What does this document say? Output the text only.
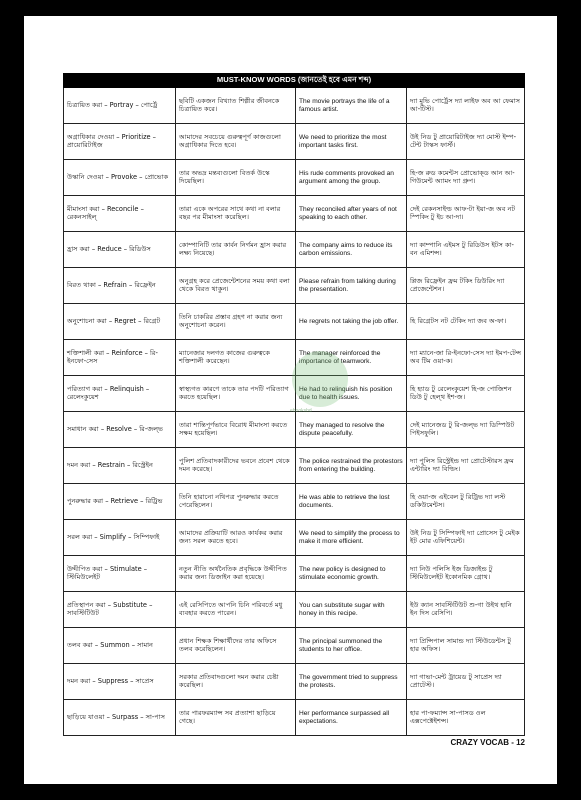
MUST-KNOW WORDS (জানতেই হবে এমন শব্দ)			
চিত্রায়িত করা – Portray – পোর্ট্রে	ছবিটি একজন বিখ্যাত শিল্পীর জীবনকে চিত্রায়িত করে।	The movie portrays the life of a famous artist.	দ্যা মুভি পোর্ট্রেস দ্যা লাইফ অব আ ফেমাস আ-টিস্ট।
অগ্রাধিকার দেওয়া – Prioritize – প্রায়োরিটাইজ	আমাদের সবচেয়ে গুরুত্বপূর্ণ কাজগুলো অগ্রাধিকার দিতে হবে।	We need to prioritize the most important tasks first.	উই নিড টু প্রায়োরিটাইজ দ্যা মোস্ট ইম্প-টেন্ট টাস্কস ফার্স্ট।
উস্কানি দেওয়া – Provoke – প্রোভোক	তার অভদ্র মন্তব্যগুলো বিতর্ক উস্কে দিয়েছিল।	His rude comments provoked an argument among the group.	হি-জ রুড কমেন্টস প্রোভোক্ড আন আ-গিউমেন্ট অ্যামং দ্যা গ্রুপ।
মীমাংসা করা – Reconcile – রেকনসাইল্	তারা একে অপরের সাথে কথা না বলার বছর পর মীমাংসা করেছিল।	They reconciled after years of not speaking to each other.	দেই রেকনসাইল্ড আফ-টা ইয়া-জ অব নট স্পিকিং টু ইচ আ-দা।
হ্রাস করা – Reduce – রিডিউস	কোম্পানিটি তার কার্বন নির্গমন হ্রাস করার লক্ষ্য নিয়েছে।	The company aims to reduce its carbon emissions.	দ্যা কাম্পানি এইমস টু রিডিউস ইটস কা-বন এমিশন্স।
বিরত থাকা – Refrain – রিফ্রেইন	অনুগ্রহ করে প্রেজেন্টেশনের সময় কথা বলা থেকে বিরত থাকুন।	Please refrain from talking during the presentation.	প্লিজ রিফ্রেইন ফ্রম টকিং ডিউরিং দ্যা প্রেজেন্টেশন।
অনুশোচনা করা – Regret – রিগ্রেট	তিনি চাকরির প্রস্তাব গ্রহণ না করার জন্য অনুশোচনা করেন।	He regrets not taking the job offer.	হি রিগ্রেটস নট টেকিং দ্যা জব অ-ফা।
শক্তিশালী করা – Reinforce – রি-ইনফো-সেস	ম্যানেজার দলগত কাজের গুরুত্বকে শক্তিশালী করেছেন।	The manager reinforced the importance of teamwork.	দ্যা ম্যানে-জা রি-ইনফো-সেস দ্যা ইমপ-টেন্স অব টিম ওয়া-ক।
পরিত্যাগ করা – Relinquish – রেলেংকুয়েশ	স্বাস্থ্যগত কারণে তাকে তার পদটি পরিত্যাগ করতে হয়েছিল।	He had to relinquish his position due to health issues.	হি হ্যাড টু রেলেংকুয়েশ হি-জ পোজিশন ডিউ টু হেল্থ ইশ-জ।
সমাধান করা – Resolve – রি-জল্ভ	তারা শান্তিপূর্ণভাবে বিরোধ মীমাংসা করতে সক্ষম হয়েছিল।	They managed to resolve the dispute peacefully.	দেই ম্যানেজড টু রি-জল্ভ দ্যা ডিস্পিউট পিইসফুলি।
দমন করা – Restrain – রিস্ট্রেইন	পুলিশ প্রতিবাদকারীদের ভবনে প্রবেশ থেকে দমন করেছে।	The police restrained the protestors from entering the building.	দ্যা পুলিস রিস্ট্রেইন্ড দ্যা প্রোটেস্টারস ফ্রম এন্টারিং দ্যা বিল্ডিং।
পুনরুদ্ধার করা – Retrieve – রিট্রিভ	তিনি হারানো নথিপত্র পুনরুদ্ধার করতে পেরেছিলেন।	He was able to retrieve the lost documents.	হি ওয়া-জ এইবেল টু রিট্রিভ দ্যা লস্ট ডকিউমেন্টস।
সরল করা – Simplify – সিম্পিফাই	আমাদের প্রক্রিয়াটি আরও কার্যকর করার জন্য সরল করতে হবে।	We need to simplify the process to make it more efficient.	উই নিড টু সিম্পিফাই দ্যা প্রোসেস টু মেইক ইট মোর এফিশিয়েন্ট।
উদ্দীপিত করা – Stimulate – স্টিমিউলেইট	নতুন নীতি অর্থনৈতিক প্রবৃদ্ধিকে উদ্দীপিত করার জন্য ডিজাইন করা হয়েছে।	The new policy is designed to stimulate economic growth.	দ্যা নিউ পলিসি ইজ ডিজাইন্ড টু স্টিমিউলেইট ইকোনমিক গ্রোথ।
প্রতিস্থাপন করা – Substitute – সাবস্টিটিউট	এই রেসিপিতে আপনি চিনি পরিবর্তে মধু ব্যবহার করতে পারেন।	You can substitute sugar with honey in this recipe.	ইউ ক্যান সাবস্টিটিউট শু-গা উইথ হানি ইন দিস রেসিপি।
তলব করা – Summon – সামান	প্রধান শিক্ষক শিক্ষার্থীদের তার অফিসে তলব করেছিলেন।	The principal summoned the students to her office.	দ্যা প্রিন্সিপাল সামান্ড দ্যা স্টিউডেন্টস টু হার অফিস।
দমন করা – Suppress – সাপ্রেস	সরকার প্রতিবাদগুলো দমন করার চেষ্টা করেছিল।	The government tried to suppress the protests.	দ্যা গাভা-মেন্ট ট্রায়েড টু সাপ্রেস দ্যা প্রোটেস্ট।
ছাড়িয়ে যাওয়া – Surpass – সা-পাস	তার পারফরম্যান্স সব প্রত্যাশা ছাড়িয়ে গেছে।	Her performance surpassed all expectations.	হার পা-ফম্যান্স সা-পাসড ওল এক্সপেক্টেইশন্স।
ebooksbd
CRAZY VOCAB - 12
